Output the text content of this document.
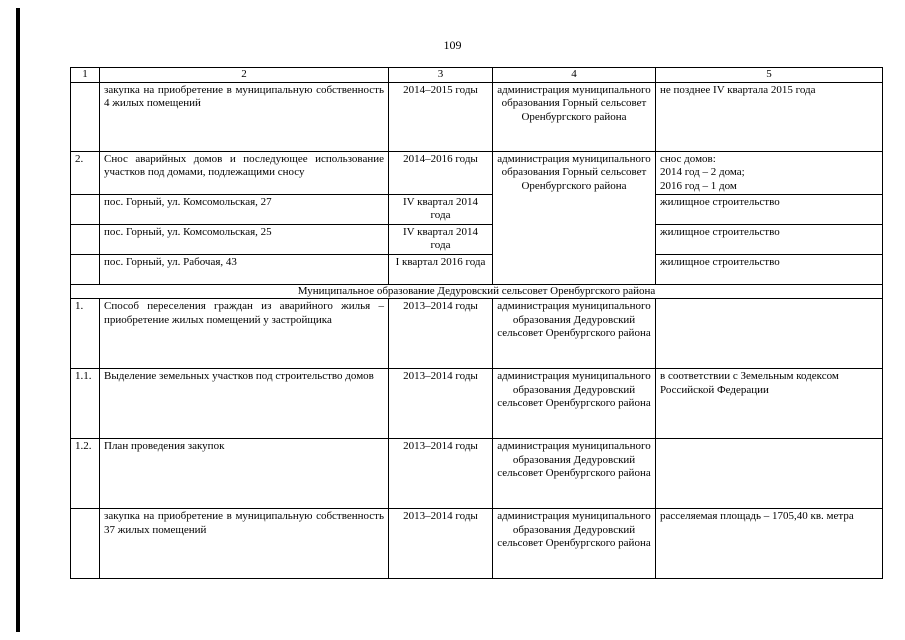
109
1	2	3	4	5
	закупка на приобретение в муниципальную собственность 4 жилых помещений	2014–2015 годы	администрация муниципального образования Горный сельсовет Оренбургского района	не позднее IV квартала 2015 года
2.	Снос аварийных домов и последующее использование участков под домами, подлежащими сносу	2014–2016 годы	администрация муниципального образования Горный сельсовет Оренбургского района	снос домов:
2014 год – 2 дома;
2016 год – 1 дом

	пос. Горный, ул. Комсомольская, 27	IV квартал 2014 года		жилищное строительство
	пос. Горный, ул. Комсомольская, 25	IV квартал 2014 года		жилищное строительство
	пос. Горный, ул. Рабочая, 43	I квартал 2016 года		жилищное строительство
Муниципальное образование Дедуровский сельсовет Оренбургского района				
1.	Способ переселения граждан из аварийного жилья – приобретение жилых помещений у застройщика	2013–2014 годы	администрация муниципального образования Дедуровский сельсовет Оренбургского района	
1.1.	Выделение земельных участков под строительство домов	2013–2014 годы	администрация муниципального образования Дедуровский сельсовет Оренбургского района	в соответствии с Земельным кодексом Российской Федерации
1.2.	План проведения закупок	2013–2014 годы	администрация муниципального образования Дедуровский сельсовет Оренбургского района	
	закупка на приобретение в муниципальную собственность 37 жилых помещений	2013–2014 годы	администрация муниципального образования Дедуровский сельсовет Оренбургского района	расселяемая площадь – 1705,40 кв. метра
